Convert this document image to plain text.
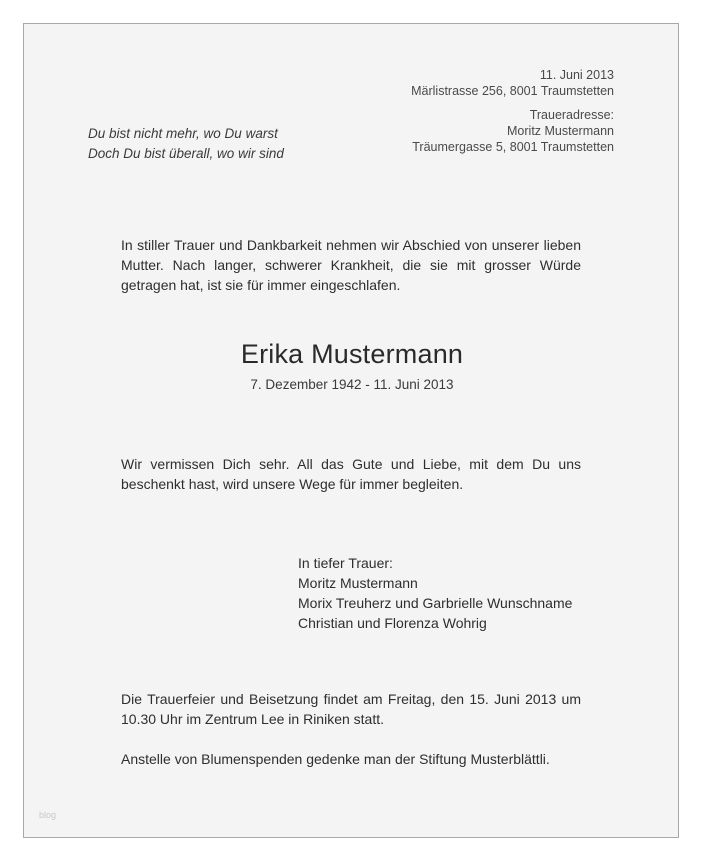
11. Juni 2013
Märlistrasse 256, 8001 Traumstetten
Traueradresse:
Moritz Mustermann
Träumergasse 5, 8001 Traumstetten
Du bist nicht mehr, wo Du warst
Doch Du bist überall, wo wir sind
In stiller Trauer und Dankbarkeit nehmen wir Abschied von unserer lieben Mutter. Nach langer, schwerer Krankheit, die sie mit grosser Würde getragen hat, ist sie für immer eingeschlafen.
Erika Mustermann
7. Dezember 1942 - 11. Juni 2013
Wir vermissen Dich sehr. All das Gute und Liebe, mit dem Du uns beschenkt hast, wird unsere Wege für immer begleiten.
In tiefer Trauer:
Moritz Mustermann
Morix Treuherz und Garbrielle Wunschname
Christian und Florenza Wohrig
Die Trauerfeier und Beisetzung findet am Freitag, den 15. Juni 2013 um 10.30 Uhr im Zentrum Lee in Riniken statt.
Anstelle von Blumenspenden gedenke man der Stiftung Musterblättli.
blog
